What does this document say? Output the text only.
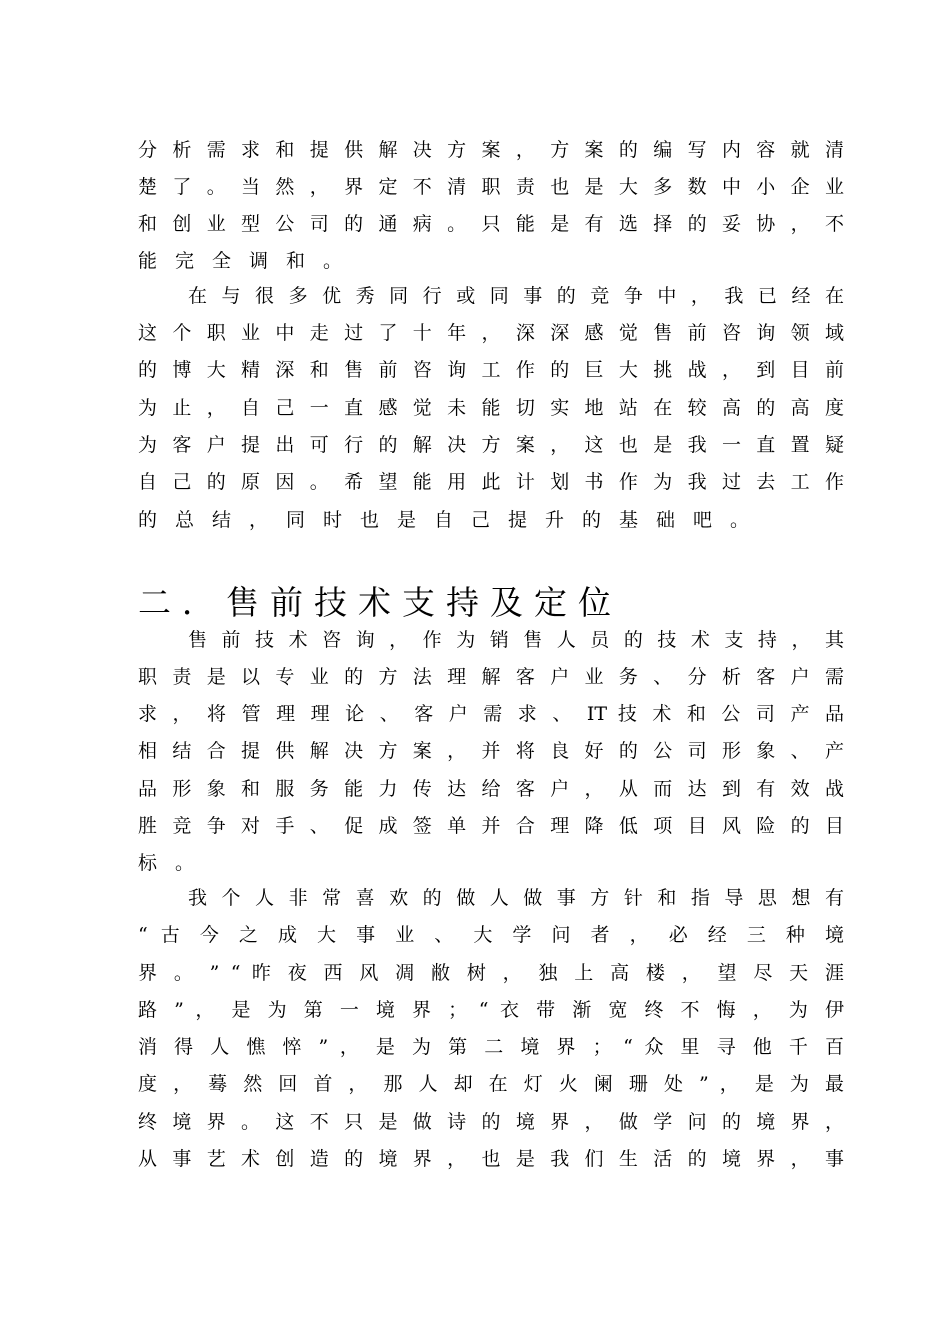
分 析 需 求 和 提 供 解 决 方 案 ， 方 案 的 编 写 内 容 就 清
楚 了 。 当 然 ， 界 定 不 清 职 责 也 是 大 多 数 中 小 企 业
和 创 业 型 公 司 的 通 病 。 只 能 是 有 选 择 的 妥 协 ， 不
能完全调和。
在 与 很 多 优 秀 同 行 或 同 事 的 竞 争 中 ， 我 已 经 在
这 个 职 业 中 走 过 了 十 年 ， 深 深 感 觉 售 前 咨 询 领 域
的 博 大 精 深 和 售 前 咨 询 工 作 的 巨 大 挑 战 ， 到 目 前
为 止 ， 自 己 一 直 感 觉 未 能 切 实 地 站 在 较 高 的 高 度
为 客 户 提 出 可 行 的 解 决 方 案 ， 这 也 是 我 一 直 置 疑
自 己 的 原 因 。 希 望 能 用 此 计 划 书 作 为 我 过 去 工 作
的总结，同时也是自己提升的基础吧。
二．售前技术支持及定位
售 前 技 术 咨 询 ， 作 为 销 售 人 员 的 技 术 支 持 ， 其
职 责 是 以 专 业 的 方 法 理 解 客 户 业 务 、 分 析 客 户 需
求 ， 将 管 理 理 论 、 客 户 需 求 、 IT 技 术 和 公 司 产 品
相 结 合 提 供 解 决 方 案 ， 并 将 良 好 的 公 司 形 象 、 产
品 形 象 和 服 务 能 力 传 达 给 客 户 ， 从 而 达 到 有 效 战
胜 竞 争 对 手 、 促 成 签 单 并 合 理 降 低 项 目 风 险 的 目
标。
我 个 人 非 常 喜 欢 的 做 人 做 事 方 针 和 指 导 思 想 有
“ 古 今 之 成 大 事 业 、 大 学 问 者 ， 必 经 三 种 境
界 。 ” “ 昨 夜 西 风 凋 敝 树 ， 独 上 高 楼 ， 望 尽 天 涯
路 ” ， 是 为 第 一 境 界 ； “ 衣 带 渐 宽 终 不 悔 ， 为 伊
消 得 人 憔 悴 ” ， 是 为 第 二 境 界 ； “ 众 里 寻 他 千 百
度 ， 蓦 然 回 首 ， 那 人 却 在 灯 火 阑 珊 处 ” ， 是 为 最
终 境 界 。 这 不 只 是 做 诗 的 境 界 ， 做 学 问 的 境 界 ，
从 事 艺 术 创 造 的 境 界 ， 也 是 我 们 生 活 的 境 界 ， 事
